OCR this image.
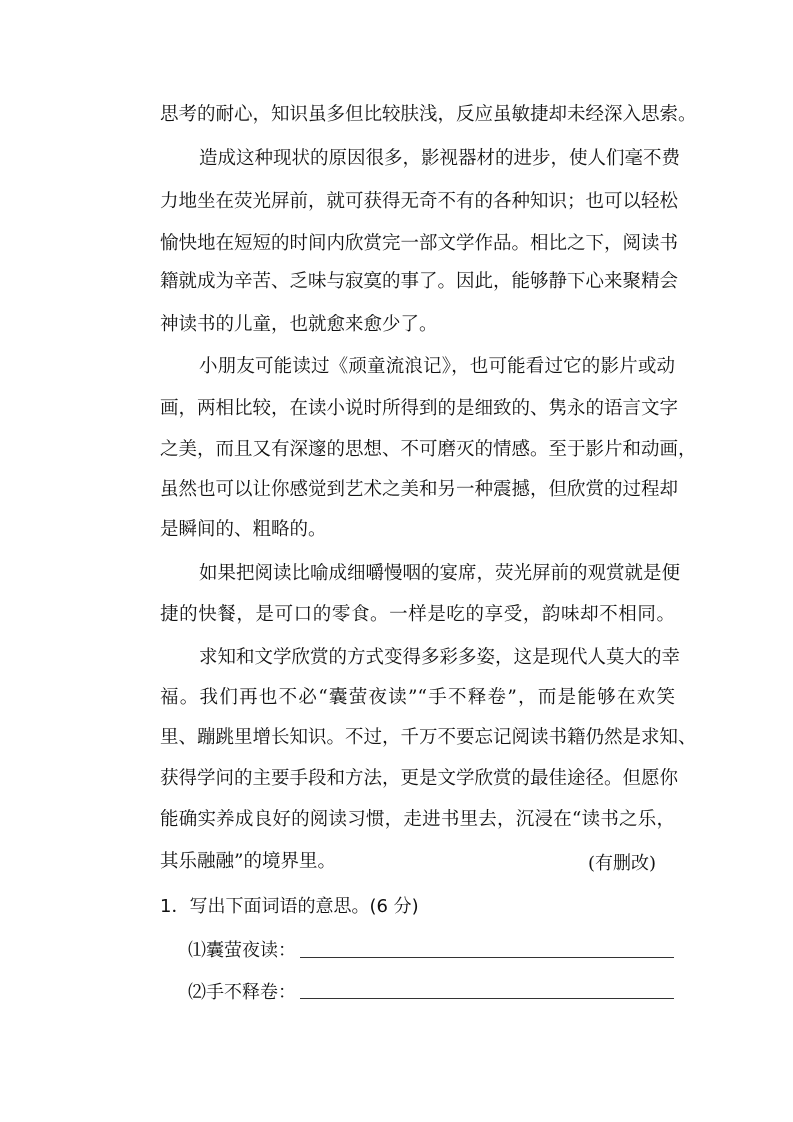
思考的耐心，知识虽多但比较肤浅，反应虽敏捷却未经深入思索。
造成这种现状的原因很多，影视器材的进步，使人们毫不费
力地坐在荧光屏前，就可获得无奇不有的各种知识；也可以轻松
愉快地在短短的时间内欣赏完一部文学作品。相比之下，阅读书
籍就成为辛苦、乏味与寂寞的事了。因此，能够静下心来聚精会
神读书的儿童，也就愈来愈少了。
小朋友可能读过《顽童流浪记》，也可能看过它的影片或动
画，两相比较，在读小说时所得到的是细致的、隽永的语言文字
之美，而且又有深邃的思想、不可磨灭的情感。至于影片和动画，
虽然也可以让你感觉到艺术之美和另一种震撼，但欣赏的过程却
是瞬间的、粗略的。
如果把阅读比喻成细嚼慢咽的宴席，荧光屏前的观赏就是便
捷的快餐，是可口的零食。一样是吃的享受，韵味却不相同。
求知和文学欣赏的方式变得多彩多姿，这是现代人莫大的幸
福。我们再也不必“囊萤夜读”“手不释卷”，而是能够在欢笑
里、蹦跳里增长知识。不过，千万不要忘记阅读书籍仍然是求知、
获得学问的主要手段和方法，更是文学欣赏的最佳途径。但愿你
能确实养成良好的阅读习惯，走进书里去，沉浸在“读书之乐，
其乐融融”的境界里。	(有删改)
1．写出下面词语的意思。(6 分)
⑴囊萤夜读：
⑵手不释卷：
